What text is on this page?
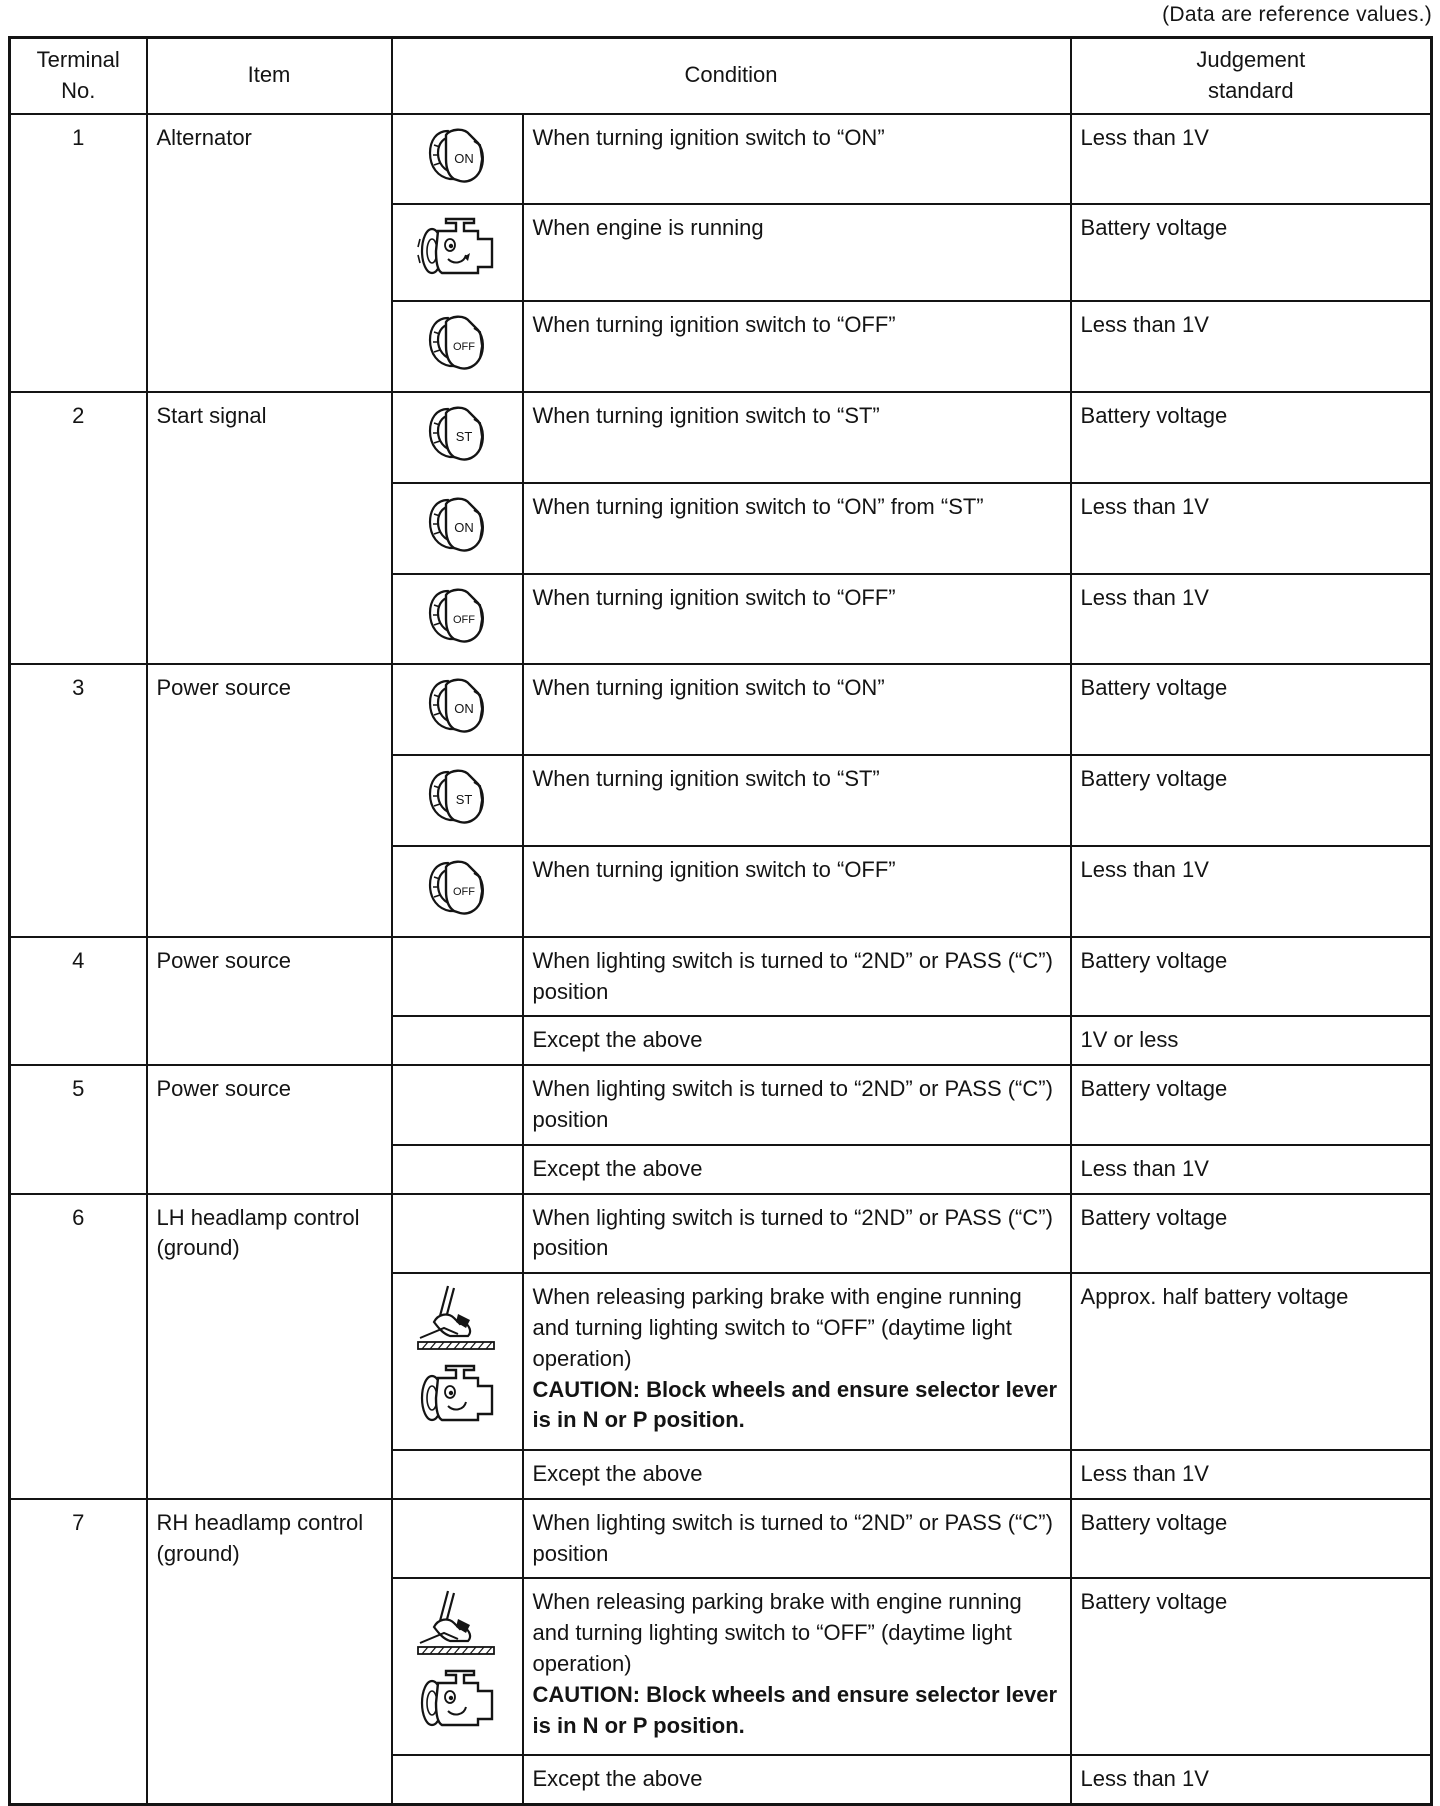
(Data are reference values.)
Terminal
No.	Item	Condition		Judgement
standard
1	Alternator	ON	When turning ignition switch to “ON”	Less than 1V

	When engine is running	Battery voltage

OFF	When turning ignition switch to “OFF”	Less than 1V
2	Start signal	ST	When turning ignition switch to “ST”	Battery voltage

ON	When turning ignition switch to “ON” from “ST”	Less than 1V

OFF	When turning ignition switch to “OFF”	Less than 1V
3	Power source	ON	When turning ignition switch to “ON”	Battery voltage

ST	When turning ignition switch to “ST”	Battery voltage

OFF	When turning ignition switch to “OFF”	Less than 1V
4	Power source		When lighting switch is turned to “2ND” or PASS (“C”) position	Battery voltage
			Except the above	1V or less
5	Power source		When lighting switch is turned to “2ND” or PASS (“C”) position	Battery voltage
			Except the above	Less than 1V
6	LH headlamp control (ground)		When lighting switch is turned to “2ND” or PASS (“C”) position	Battery voltage

	When releasing parking brake with engine running and turning lighting switch to “OFF” (daytime light operation)
CAUTION: Block wheels and ensure selector lever is in N or P position.	Approx. half battery voltage
			Except the above	Less than 1V
7	RH headlamp control (ground)		When lighting switch is turned to “2ND” or PASS (“C”) position	Battery voltage

	When releasing parking brake with engine running and turning lighting switch to “OFF” (daytime light operation)
CAUTION: Block wheels and ensure selector lever is in N or P position.	Battery voltage
			Except the above	Less than 1V
